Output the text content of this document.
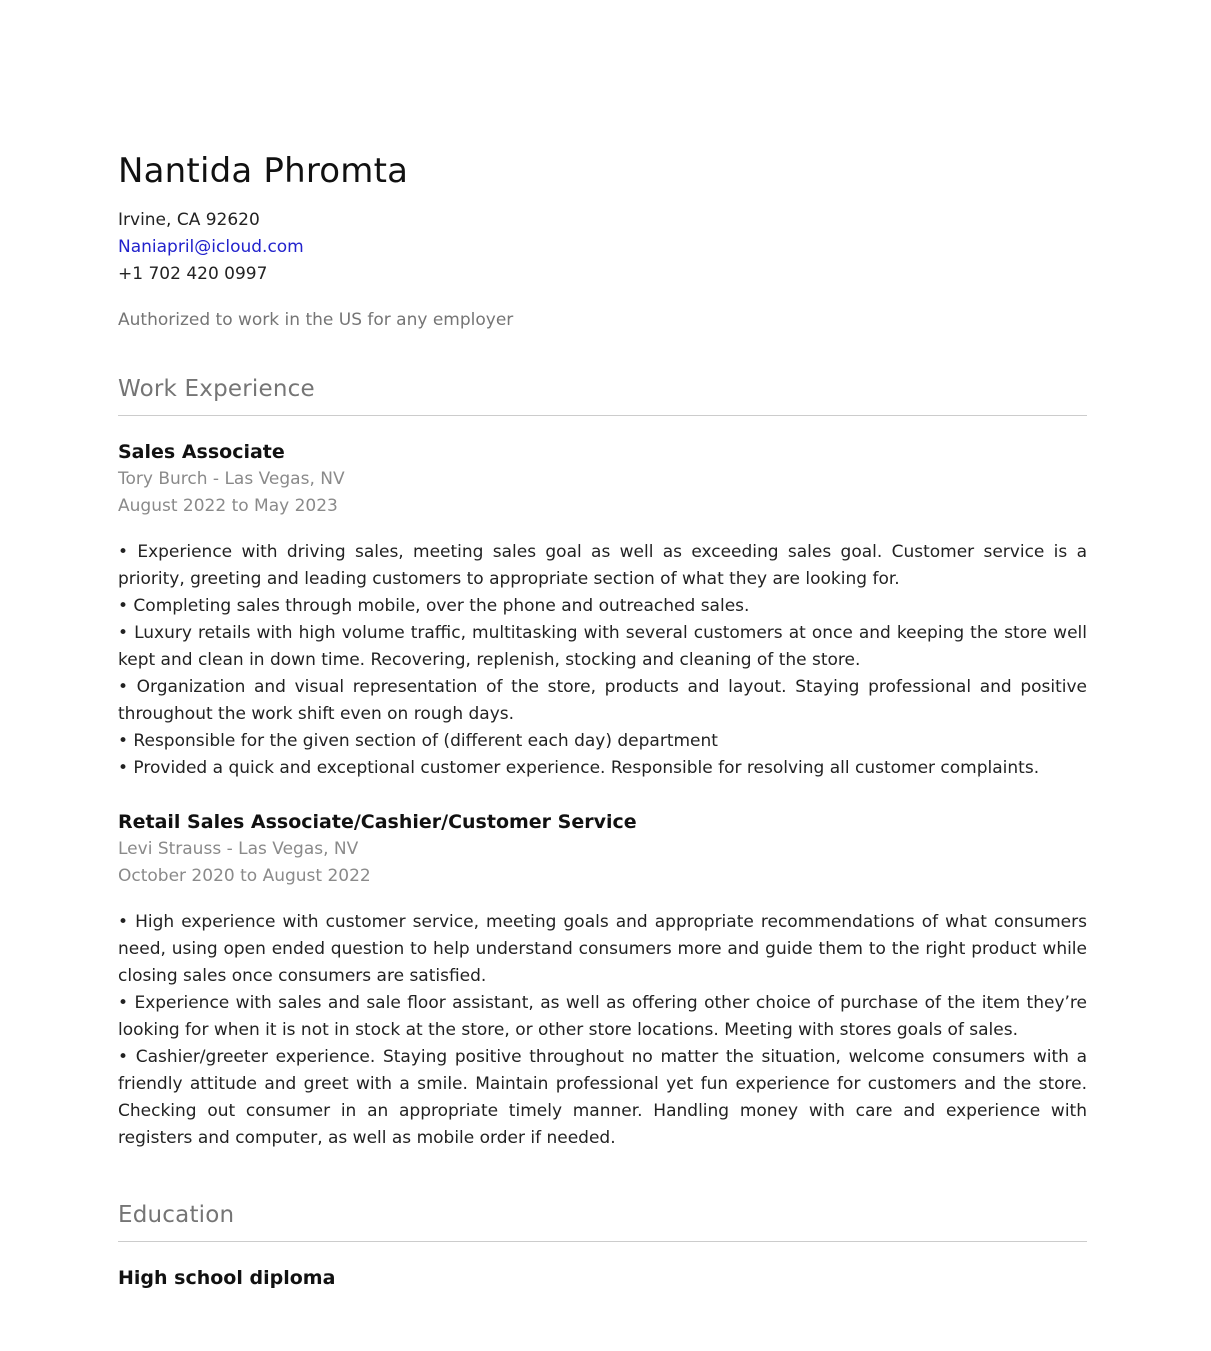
Nantida Phromta

Irvine, CA 92620

Naniapril@icloud.com

+1 702 420 0997

Authorized to work in the US for any employer

Work Experience
Sales Associate

Tory Burch - Las Vegas, NV

August 2022 to May 2023

• Experience with driving sales, meeting sales goal as well as exceeding sales goal. Customer service is a priority, greeting and leading customers to appropriate section of what they are looking for.

• Completing sales through mobile, over the phone and outreached sales.

• Luxury retails with high volume traffic, multitasking with several customers at once and keeping the store well kept and clean in down time. Recovering, replenish, stocking and cleaning of the store.

• Organization and visual representation of the store, products and layout. Staying professional and positive throughout the work shift even on rough days.

• Responsible for the given section of (different each day) department

• Provided a quick and exceptional customer experience. Responsible for resolving all customer complaints.

Retail Sales Associate/Cashier/Customer Service

Levi Strauss - Las Vegas, NV

October 2020 to August 2022

• High experience with customer service, meeting goals and appropriate recommendations of what consumers need, using open ended question to help understand consumers more and guide them to the right product while closing sales once consumers are satisfied.

• Experience with sales and sale floor assistant, as well as offering other choice of purchase of the item they’re looking for when it is not in stock at the store, or other store locations. Meeting with stores goals of sales.

• Cashier/greeter experience. Staying positive throughout no matter the situation, welcome consumers with a friendly attitude and greet with a smile. Maintain professional yet fun experience for customers and the store. Checking out consumer in an appropriate timely manner. Handling money with care and experience with registers and computer, as well as mobile order if needed.

Education
High school diploma
